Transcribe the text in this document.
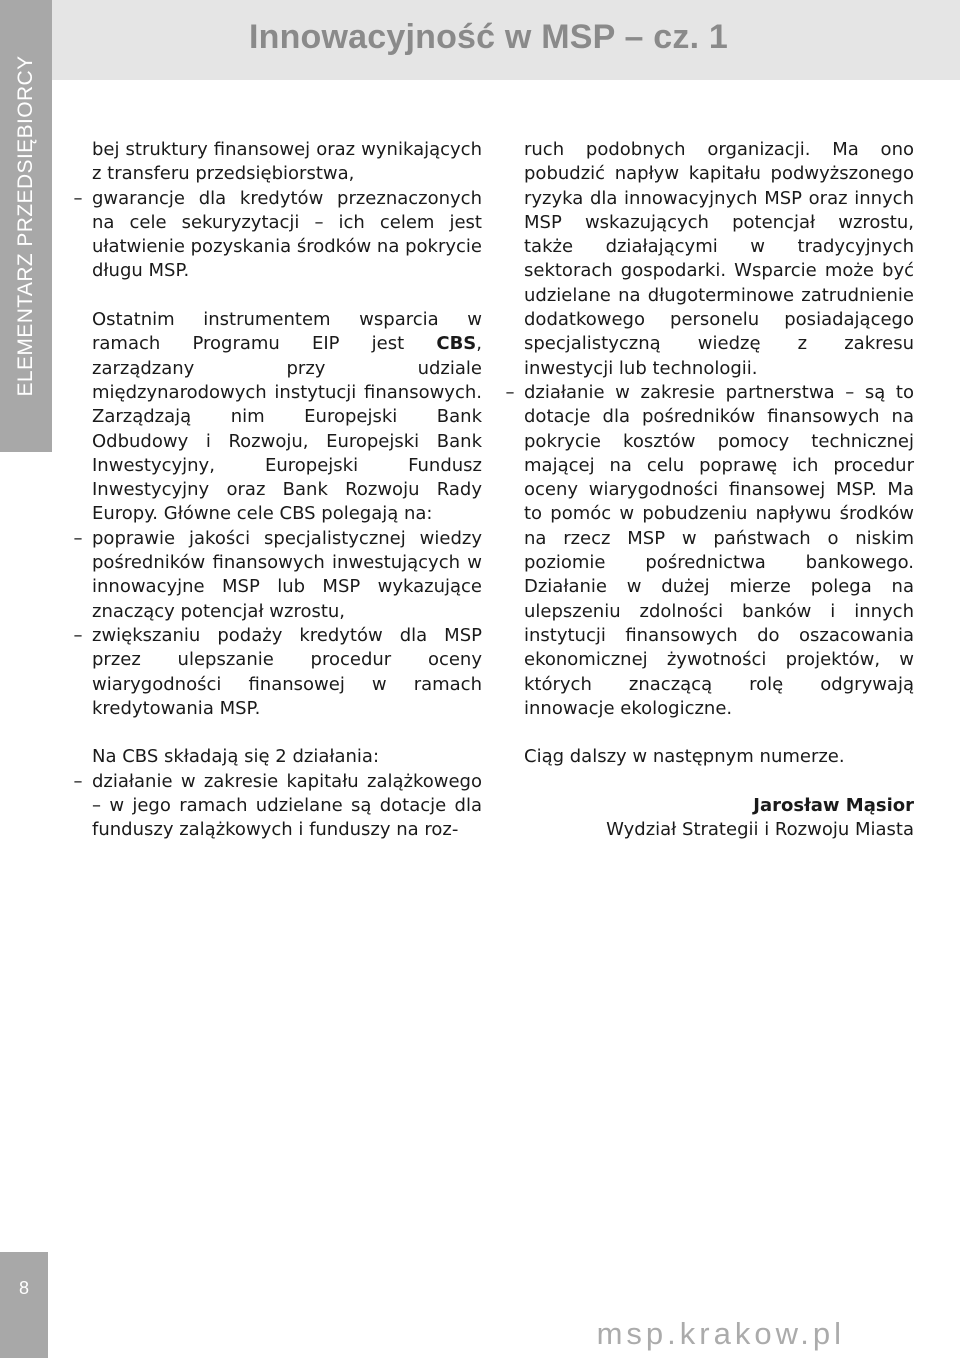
Innowacyjność w MSP – cz. 1
ELEMENTARZ PRZEDSIĘBIORCY	bej struktury finansowej oraz wynikających z transferu przedsiębiorstwa,

– gwarancje dla kredytów przeznaczonych na cele sekuryzytacji – ich celem jest ułatwienie pozyskania środków na pokrycie długu MSP.

Ostatnim instrumentem wsparcia w ramach Programu EIP jest CBS, zarządzany przy udziale międzynarodowych instytucji finansowych. Zarządzają nim Europejski Bank Odbudowy i Rozwoju, Europejski Bank Inwestycyjny, Europejski Fundusz Inwestycyjny oraz Bank Rozwoju Rady Europy. Główne cele CBS polegają na:

– poprawie jakości specjalistycznej wiedzy pośredników finansowych inwestujących w innowacyjne MSP lub MSP wykazujące znaczący potencjał wzrostu,

– zwiększaniu podaży kredytów dla MSP przez ulepszanie procedur oceny wiarygodności finansowej w ramach kredytowania MSP.

Na CBS składają się 2 działania:

– działanie w zakresie kapitału zalążkowego – w jego ramach udzielane są dotacje dla funduszy zalążkowych i funduszy na roz-

ruch podobnych organizacji. Ma ono pobudzić napływ kapitału podwyższonego ryzyka dla innowacyjnych MSP oraz innych MSP wskazujących potencjał wzrostu, także działającymi w tradycyjnych sektorach gospodarki. Wsparcie może być udzielane na długoterminowe zatrudnienie dodatkowego personelu posiadającego specjalistyczną wiedzę z zakresu inwestycji lub technologii.

– działanie w zakresie partnerstwa – są to dotacje dla pośredników finansowych na pokrycie kosztów pomocy technicznej mającej na celu poprawę ich procedur oceny wiarygodności finansowej MSP. Ma to pomóc w pobudzeniu napływu środków na rzecz MSP w państwach o niskim poziomie pośrednictwa bankowego. Działanie w dużej mierze polega na ulepszeniu zdolności banków i innych instytucji finansowych do oszacowania ekonomicznej żywotności projektów, w których znaczącą rolę odgrywają innowacje ekologiczne.

Ciąg dalszy w następnym numerze.

Jarosław Mąsior

Wydział Strategii i Rozwoju Miasta

8
msp.krakow.pl
